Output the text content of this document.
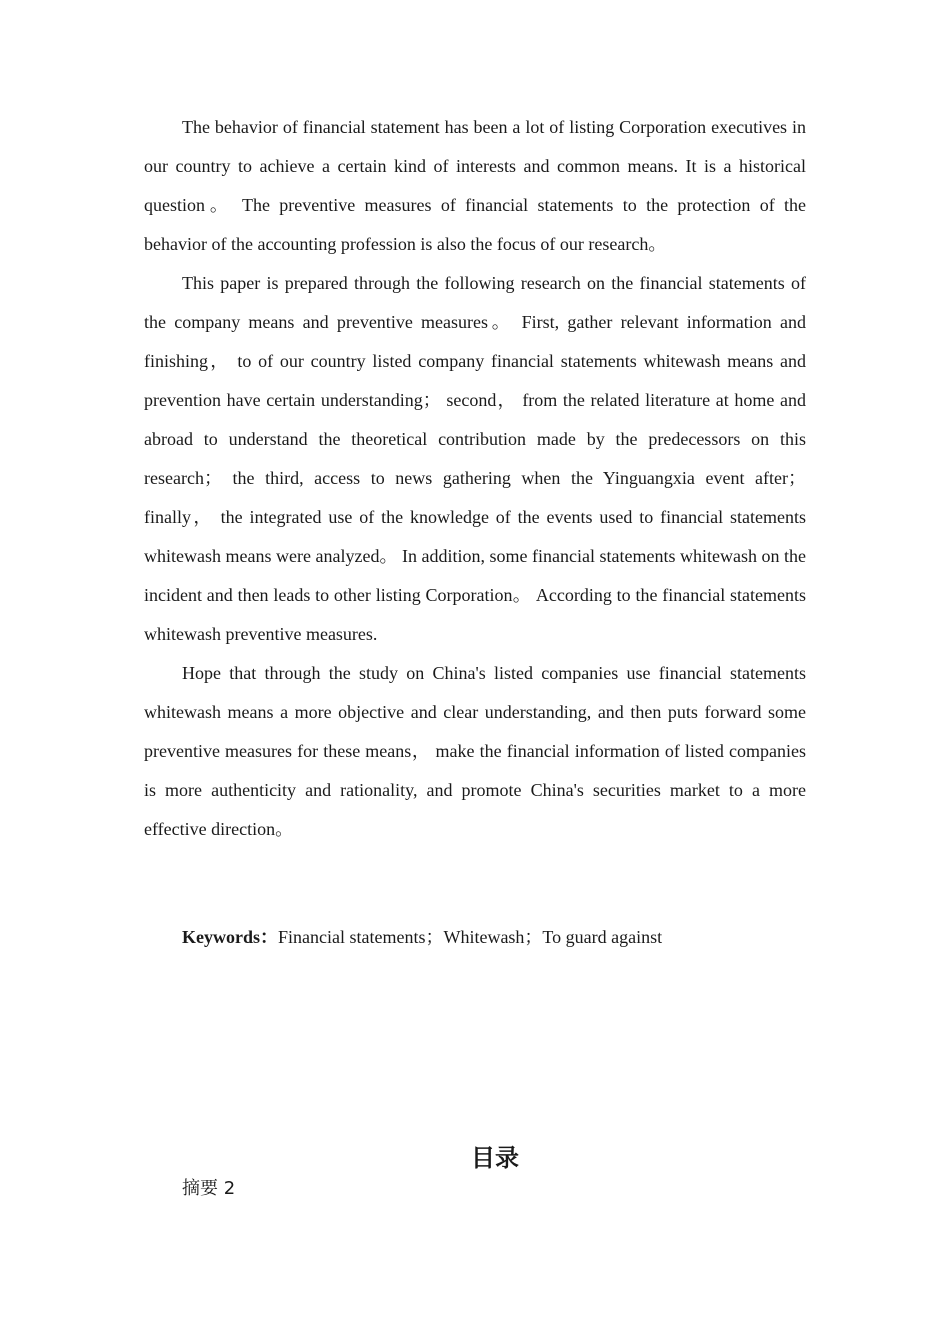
The behavior of financial statement has been a lot of listing Corporation executives in our country to achieve a certain kind of interests and common means. It is a historical question。 The preventive measures of financial statements to the protection of the behavior of the accounting profession is also the focus of our research。

This paper is prepared through the following research on the financial statements of the company means and preventive measures。 First, gather relevant information and finishing， to of our country listed company financial statements whitewash means and prevention have certain understanding； second， from the related literature at home and abroad to understand the theoretical contribution made by the predecessors on this research； the third, access to news gathering when the Yinguangxia event after； finally， the integrated use of the knowledge of the events used to financial statements whitewash means were analyzed。 In addition, some financial statements whitewash on the incident and then leads to other listing Corporation。 According to the financial statements whitewash preventive measures.

Hope that through the study on China's listed companies use financial statements whitewash means a more objective and clear understanding, and then puts forward some preventive measures for these means， make the financial information of listed companies is more authenticity and rationality, and promote China's securities market to a more effective direction。

Keywords：Financial statements；Whitewash；To guard against
目录
摘要 2
